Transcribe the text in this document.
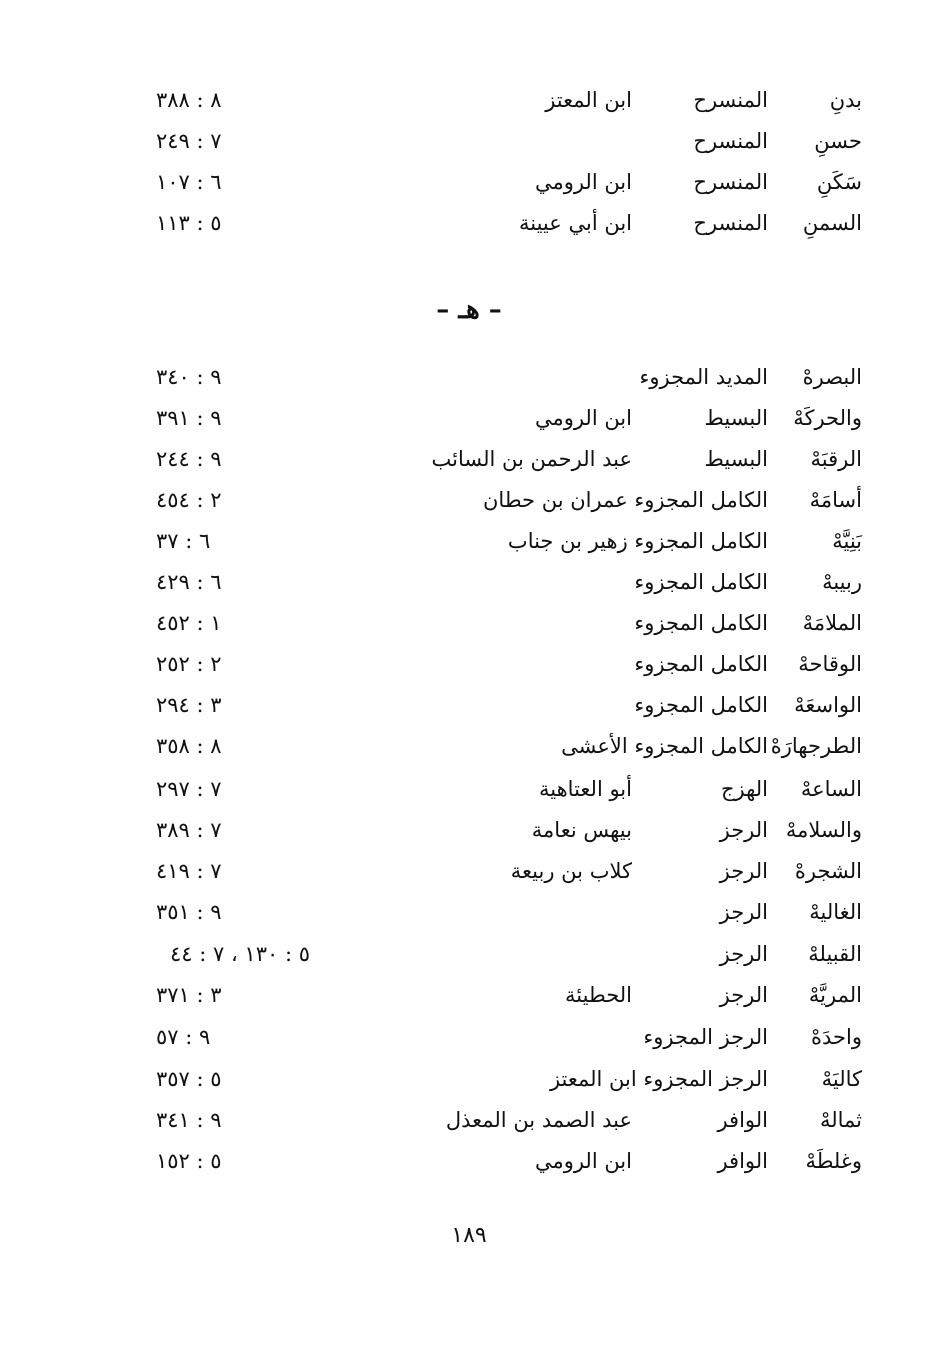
بدنِ
المنسرح
ابن المعتز
٨ : ٣٨٨
حسنِ
المنسرح
٧ : ٢٤٩
سَكَنِ
المنسرح
ابن الرومي
٦ : ١٠٧
السمنِ
المنسرح
ابن أبي عيينة
٥ : ١١٣
– هـ –
البصرهْ
المديد المجزوء
٩ : ٣٤٠
والحركَهْ
البسيط
ابن الرومي
٩ : ٣٩١
الرقبَهْ
البسيط
عبد الرحمن بن السائب
٩ : ٢٤٤
أسامَهْ
الكامل المجزوء عمران بن حطان
٢ : ٤٥٤
بَنِيَّهْ
الكامل المجزوء زهير بن جناب
٦ : ٣٧
ربيبهْ
الكامل المجزوء
٦ : ٤٢٩
الملامَهْ
الكامل المجزوء
١ : ٤٥٢
الوقاحهْ
الكامل المجزوء
٢ : ٢٥٢
الواسعَهْ
الكامل المجزوء
٣ : ٢٩٤
الطرجهارَهْ
الكامل المجزوء الأعشى
٨ : ٣٥٨
الساعهْ
الهزج
أبو العتاهية
٧ : ٢٩٧
والسلامهْ
الرجز
بيهس نعامة
٧ : ٣٨٩
الشجرهْ
الرجز
كلاب بن ربيعة
٧ : ٤١٩
الغاليهْ
الرجز
٩ : ٣٥١
القبيلهْ
الرجز
٥ : ١٣٠ ، ٧ : ٤٤
المريَّهْ
الرجز
الحطيئة
٣ : ٣٧١
واحدَهْ
الرجز المجزوء
٩ : ٥٧
كاليَهْ
الرجز المجزوء ابن المعتز
٥ : ٣٥٧
ثمالهْ
الوافر
عبد الصمد بن المعذل
٩ : ٣٤١
وغلطَهْ
الوافر
ابن الرومي
٥ : ١٥٢
١٨٩
